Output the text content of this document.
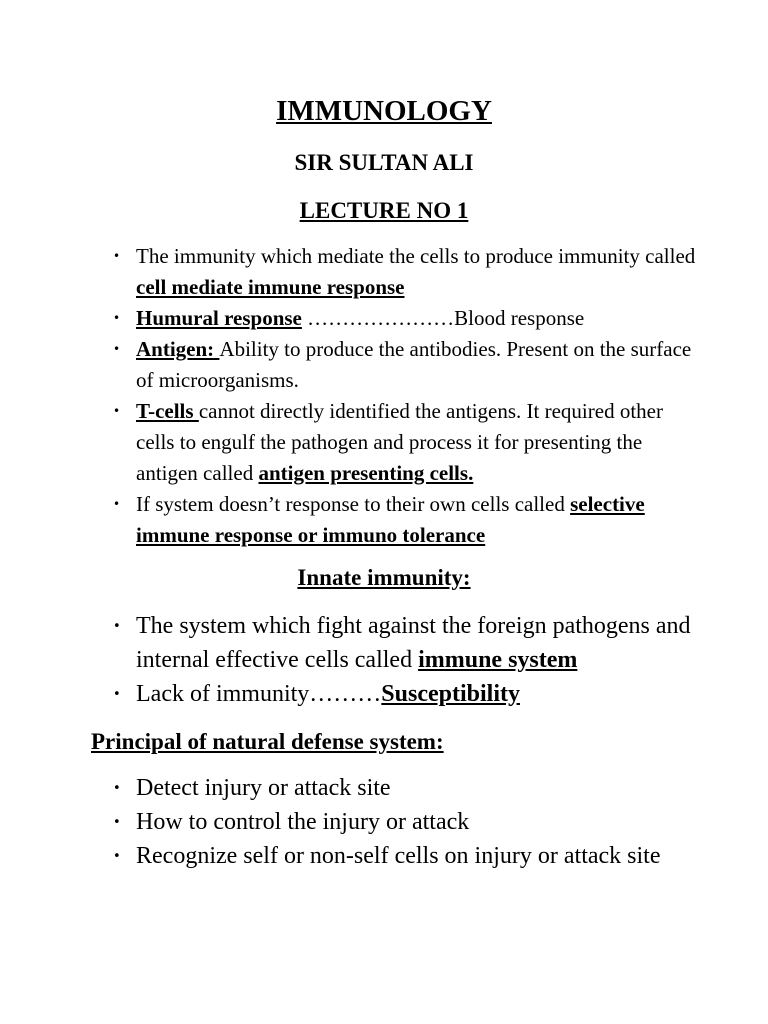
IMMUNOLOGY
SIR SULTAN ALI
LECTURE NO 1
• The immunity which mediate the cells to produce immunity called cell mediate immune response
• Humural response …………………Blood response
• Antigen: Ability to produce the antibodies. Present on the surface of microorganisms.
• T-cells cannot directly identified the antigens. It required other cells to engulf the pathogen and process it for presenting the antigen called antigen presenting cells.
• If system doesn’t response to their own cells called selective immune response or immuno tolerance
Innate immunity:
• The system which fight against the foreign pathogens and internal effective cells called immune system
• Lack of immunity………Susceptibility
Principal of natural defense system:
• Detect injury or attack site
• How to control the injury or attack
• Recognize self or non-self cells on injury or attack site
